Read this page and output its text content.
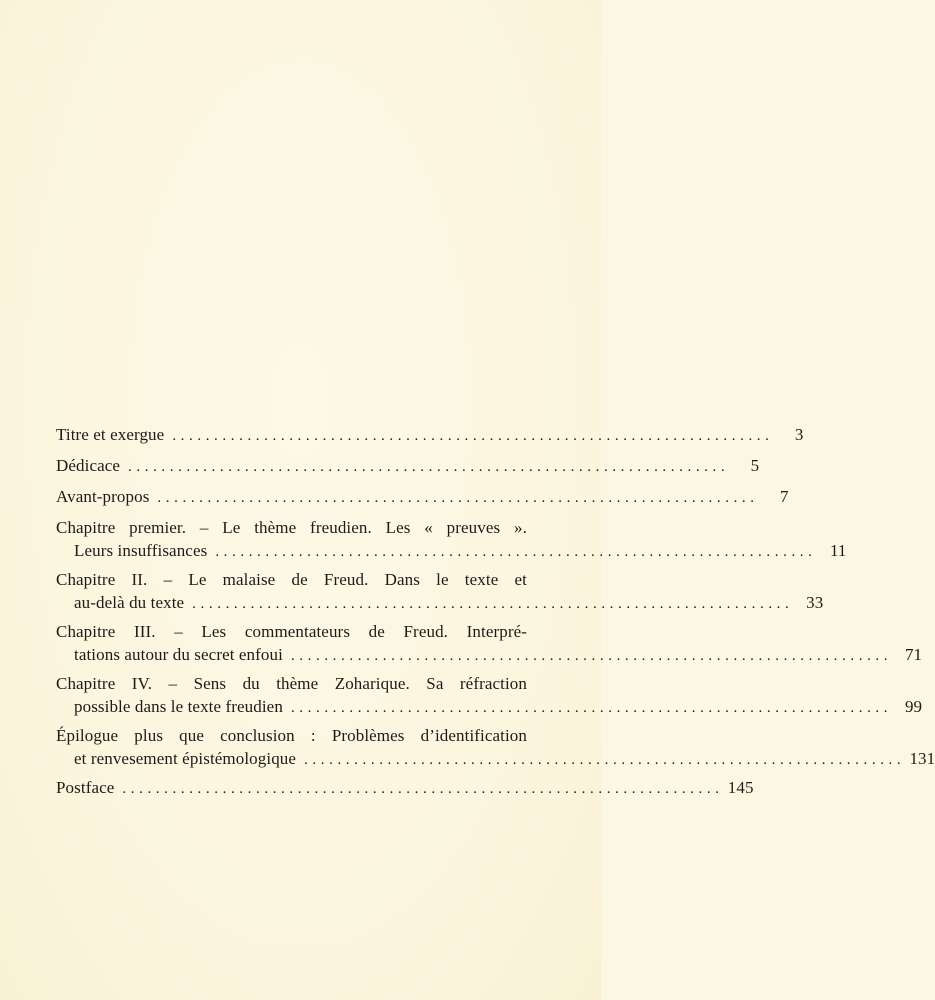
Titre et exergue ........................................................................	3
Dédicace ........................................................................	5
Avant-propos ........................................................................	7
Chapitre premier. – Le thème freudien. Les « preuves ».
Leurs insuffisances ........................................................................ 11
Chapitre II. – Le malaise de Freud. Dans le texte et
au-delà du texte ........................................................................ 33
Chapitre III. – Les commentateurs de Freud. Interpré-
tations autour du secret enfoui ........................................................................ 71
Chapitre IV. – Sens du thème Zoharique. Sa réfraction
possible dans le texte freudien ........................................................................ 99
Épilogue plus que conclusion : Problèmes d’identification
et renvesement épistémologique ........................................................................ 131
Postface ........................................................................ 145
